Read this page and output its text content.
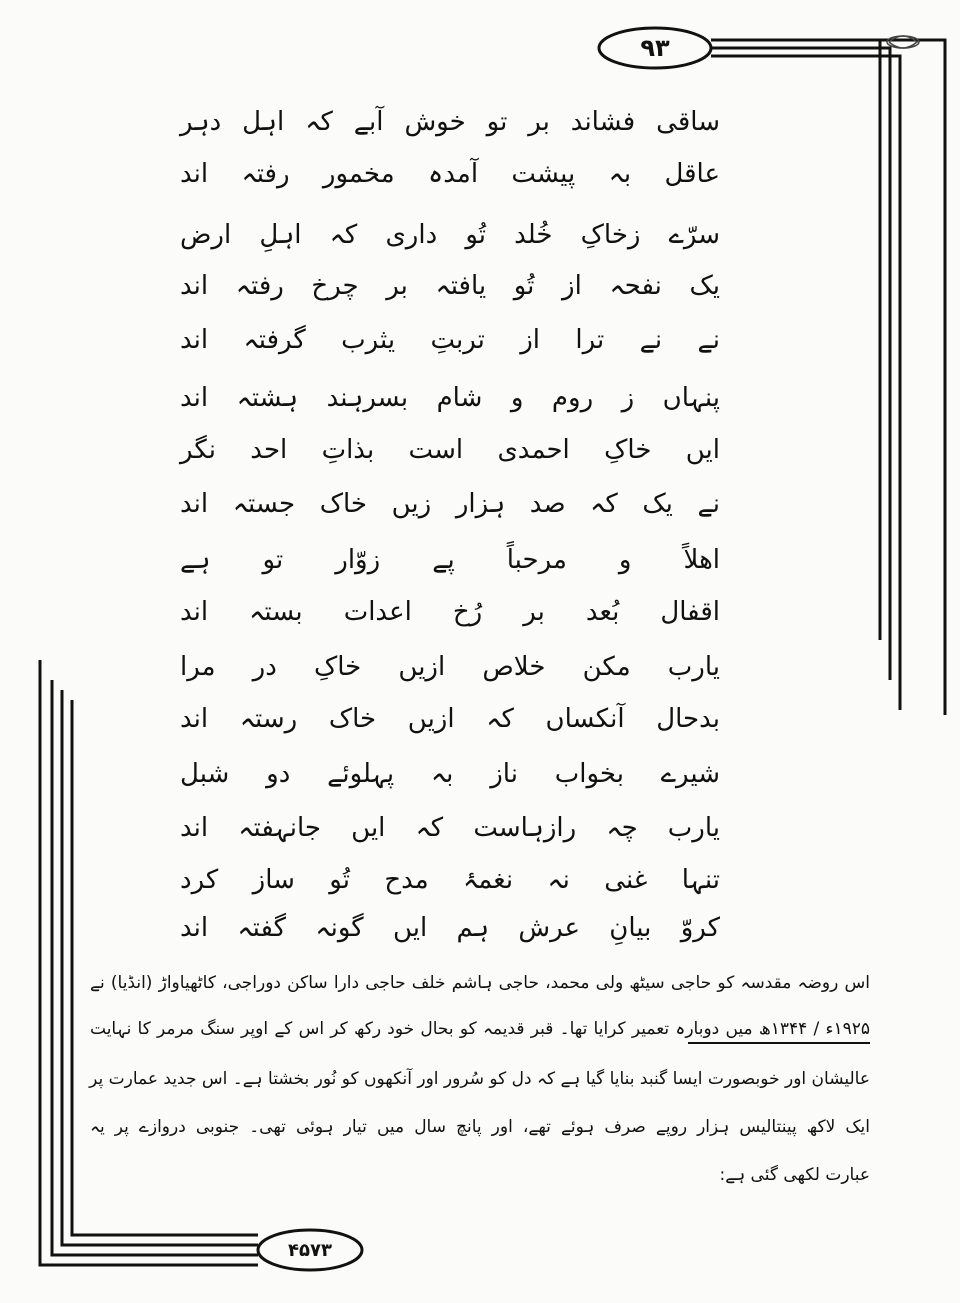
۹۳
۴۵۷۳
ساقی فشاند بر تو خوش آبے کہ اہل دہر
عاقل بہ پیشت آمدہ مخمور رفتہ اند
سرّے زخاکِ خُلد تُو داری کہ اہلِ ارض
یک نفحہ از تُو یافتہ بر چرخ رفتہ اند
نے نے ترا از تربتِ یثرب گرفتہ اند
پنہاں ز روم و شام بسرہند ہشتہ اند
ایں خاکِ احمدی است بذاتِ احد نگر
نے یک کہ صد ہزار زیں خاک جستہ اند
اھلاً و مرحباً پے زوّار تو ہے
اقفال بُعد بر رُخ اعدات بستہ اند
یارب مکن خلاص ازیں خاکِ در مرا
بدحال آنکساں کہ ازیں خاک رستہ اند
شیرے بخواب ناز بہ پہلوئے دو شبل
یارب چہ رازہاست کہ ایں جانہفتہ اند
تنہا غنی نہ نغمۂ مدح تُو ساز کرد
کروّ بیانِ عرش ہم ایں گونہ گفتہ اند
اس روضہ مقدسہ کو حاجی سیٹھ ولی محمد، حاجی ہاشم خلف حاجی دارا ساکن دوراجی، کاٹھیاواڑ (انڈیا) نے
۱۹۲۵ء / ۱۳۴۴ھ میں دوبارہ تعمیر کرایا تھا۔ قبر قدیمہ کو بحال خود رکھ کر اس کے اوپر سنگ مرمر کا نہایت
عالیشان اور خوبصورت ایسا گنبد بنایا گیا ہے کہ دل کو سُرور اور آنکھوں کو نُور بخشتا ہے۔ اس جدید عمارت پر
ایک لاکھ پینتالیس ہزار روپے صرف ہوئے تھے، اور پانچ سال میں تیار ہوئی تھی۔ جنوبی دروازے پر یہ
عبارت لکھی گئی ہے:
